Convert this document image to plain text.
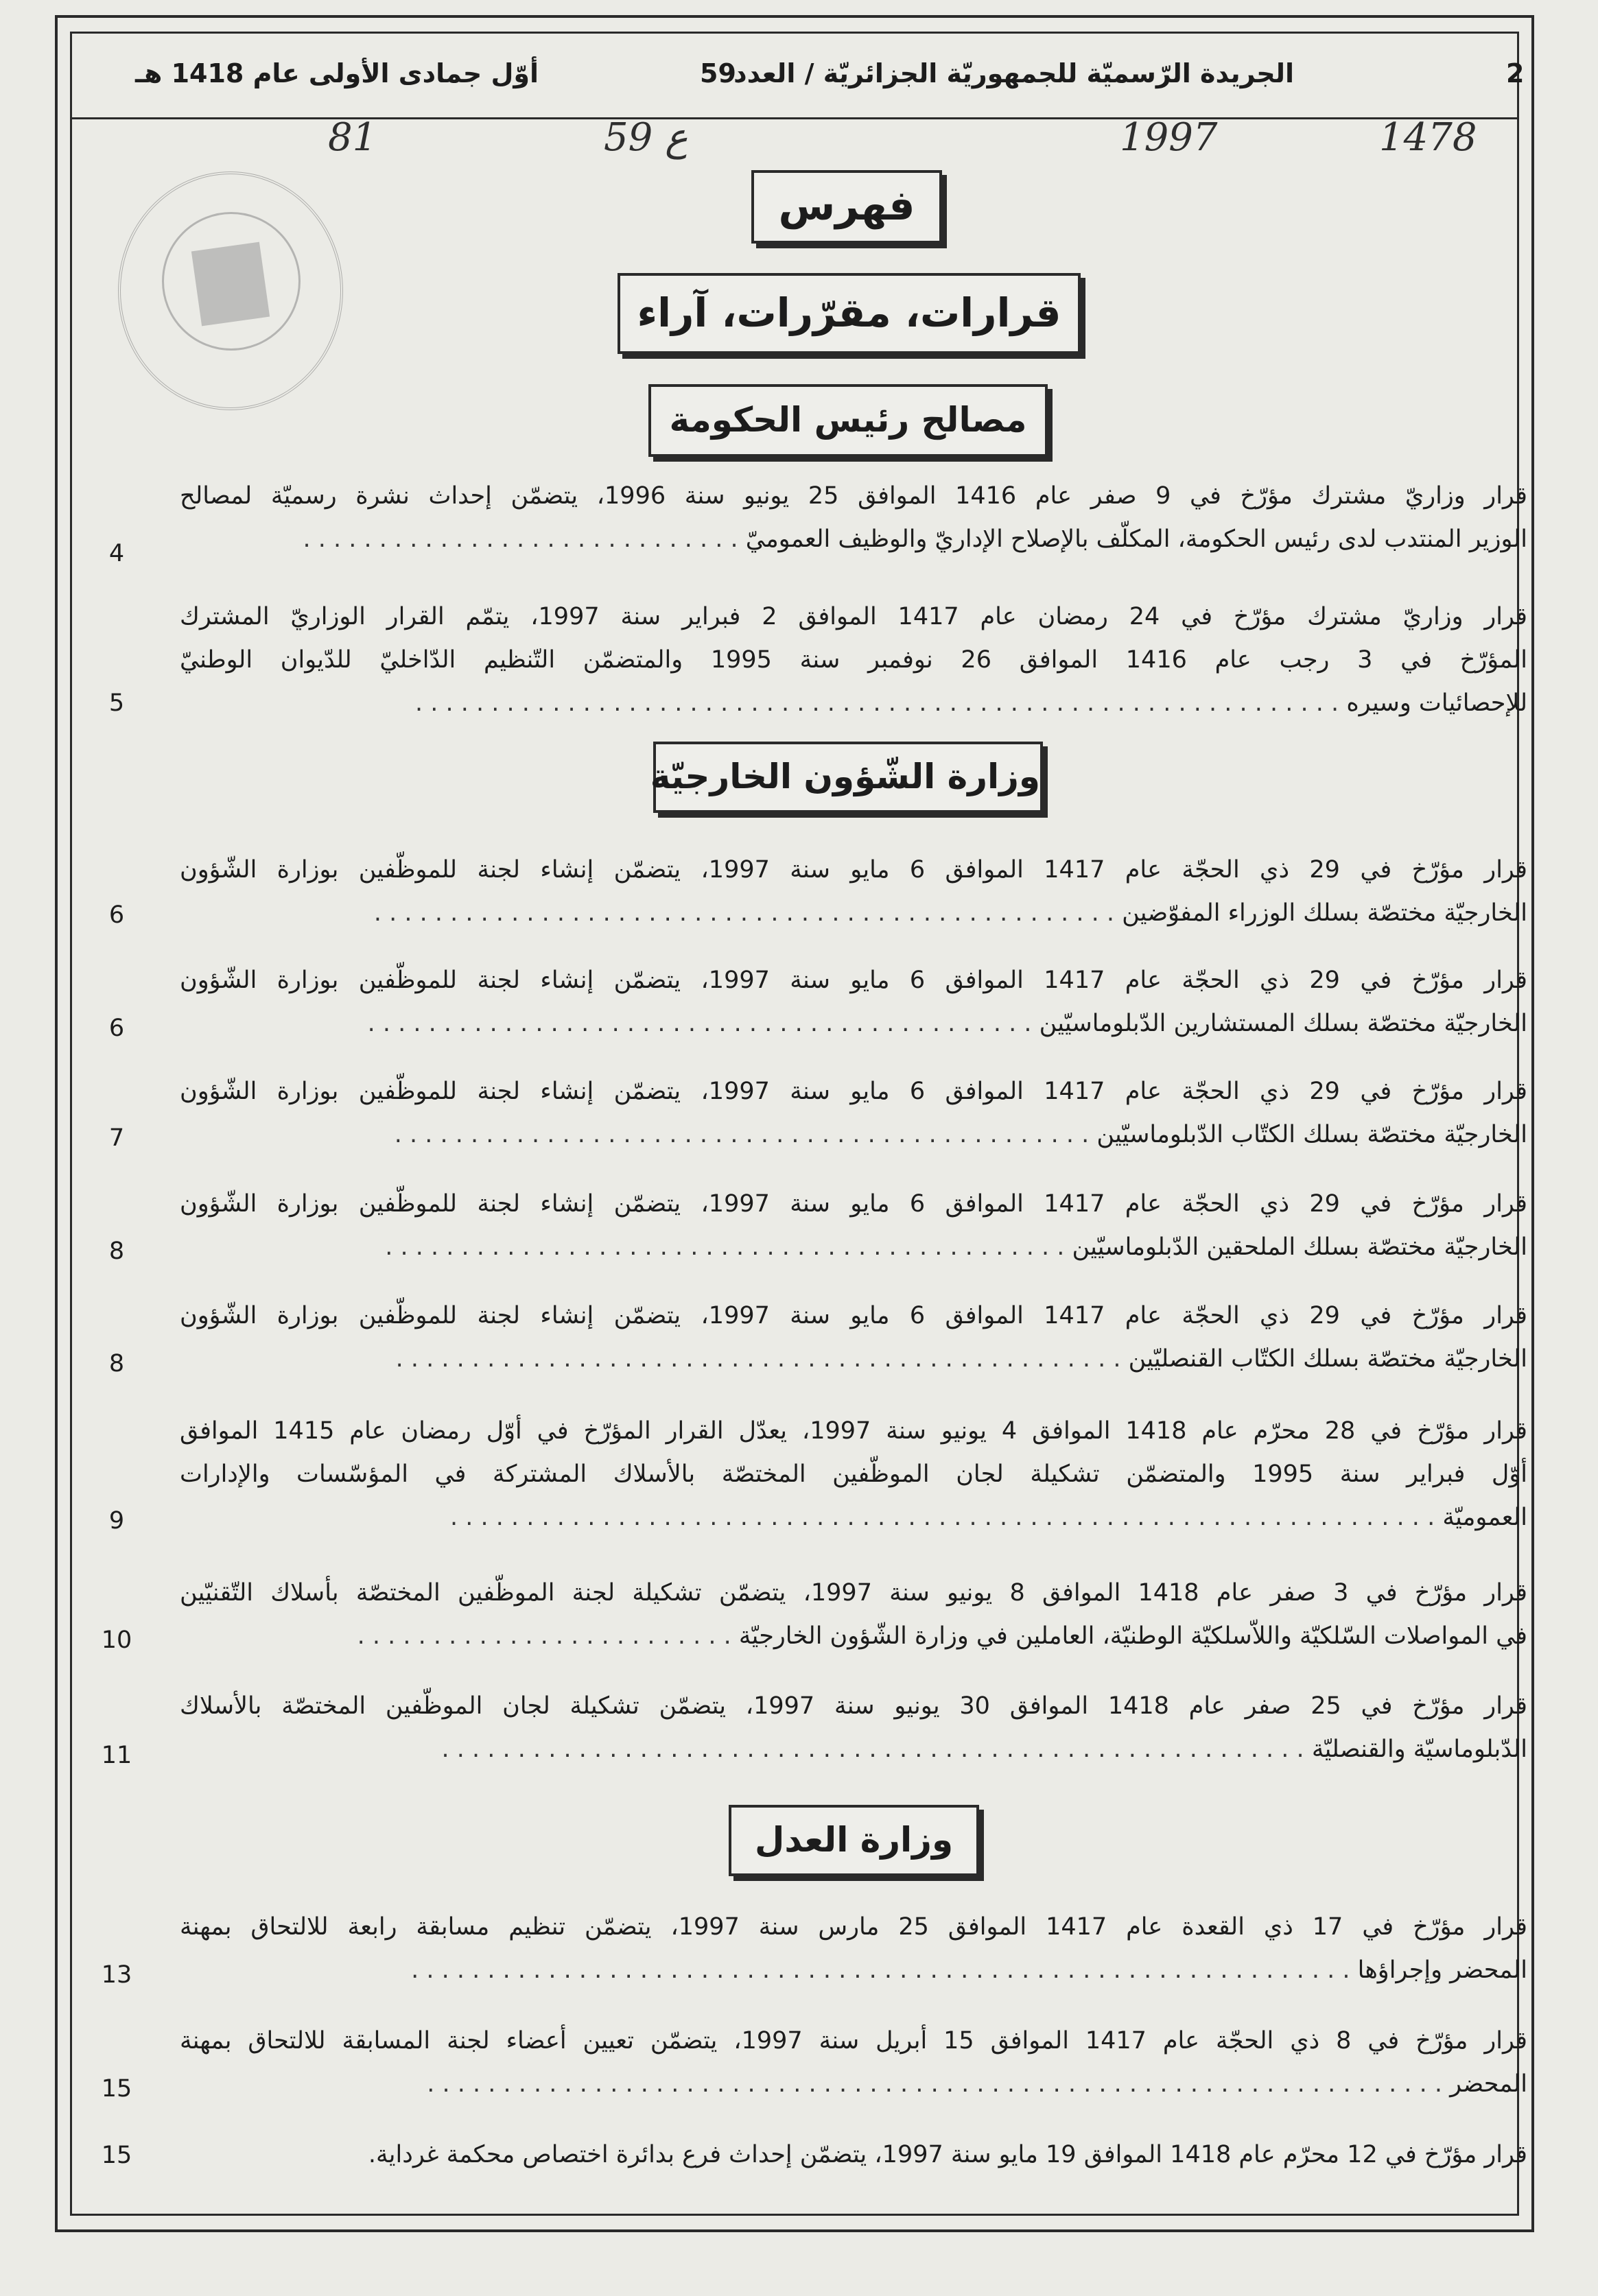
2
الجريدة الرّسميّة للجمهوريّة الجزائريّة / العدد
59
أوّل جمادى الأولى عام 1418 هـ
1478
1997
59 ع
81
فهرس
قرارات، مقرّرات، آراء
مصالح رئيس الحكومة

قرار وزاريّ مشترك مؤرّخ في 9 صفر عام 1416 الموافق 25 يونيو سنة 1996، يتضمّن إحداث نشرة رسميّة لمصالح

الوزير المنتدب لدى رئيس الحكومة، المكلّف بالإصلاح الإداريّ والوظيف العموميّ . . . . . . . . . . . . . . . . . . . . . . . . . . . . .

4

قرار وزاريّ مشترك مؤرّخ في 24 رمضان عام 1417 الموافق 2 فبراير سنة 1997، يتمّم القرار الوزاريّ المشترك

المؤرّخ في 3 رجب عام 1416 الموافق 26 نوفمبر سنة 1995 والمتضمّن التّنظيم الدّاخليّ للدّيوان الوطنيّ

للإحصائيات وسيره . . . . . . . . . . . . . . . . . . . . . . . . . . . . . . . . . . . . . . . . . . . . . . . . . . . . . . . . . . . . .

5
وزارة الشّؤون الخارجيّة

قرار مؤرّخ في 29 ذي الحجّة عام 1417 الموافق 6 مايو سنة 1997، يتضمّن إنشاء لجنة للموظّفين بوزارة الشّؤون

الخارجيّة مختصّة بسلك الوزراء المفوّضين . . . . . . . . . . . . . . . . . . . . . . . . . . . . . . . . . . . . . . . . . . . . . . . . .

6

قرار مؤرّخ في 29 ذي الحجّة عام 1417 الموافق 6 مايو سنة 1997، يتضمّن إنشاء لجنة للموظّفين بوزارة الشّؤون

الخارجيّة مختصّة بسلك المستشارين الدّبلوماسيّين . . . . . . . . . . . . . . . . . . . . . . . . . . . . . . . . . . . . . . . . . . . .

6

قرار مؤرّخ في 29 ذي الحجّة عام 1417 الموافق 6 مايو سنة 1997، يتضمّن إنشاء لجنة للموظّفين بوزارة الشّؤون

الخارجيّة مختصّة بسلك الكتّاب الدّبلوماسيّين . . . . . . . . . . . . . . . . . . . . . . . . . . . . . . . . . . . . . . . . . . . . . .

7

قرار مؤرّخ في 29 ذي الحجّة عام 1417 الموافق 6 مايو سنة 1997، يتضمّن إنشاء لجنة للموظّفين بوزارة الشّؤون

الخارجيّة مختصّة بسلك الملحقين الدّبلوماسيّين . . . . . . . . . . . . . . . . . . . . . . . . . . . . . . . . . . . . . . . . . . . . .

8

قرار مؤرّخ في 29 ذي الحجّة عام 1417 الموافق 6 مايو سنة 1997، يتضمّن إنشاء لجنة للموظّفين بوزارة الشّؤون

الخارجيّة مختصّة بسلك الكتّاب القنصليّين . . . . . . . . . . . . . . . . . . . . . . . . . . . . . . . . . . . . . . . . . . . . . . . .

8

قرار مؤرّخ في 28 محرّم عام 1418 الموافق 4 يونيو سنة 1997، يعدّل القرار المؤرّخ في أوّل رمضان عام 1415 الموافق

أوّل فبراير سنة 1995 والمتضمّن تشكيلة لجان الموظّفين المختصّة بالأسلاك المشتركة في المؤسّسات والإدارات

العموميّة . . . . . . . . . . . . . . . . . . . . . . . . . . . . . . . . . . . . . . . . . . . . . . . . . . . . . . . . . . . . . . . . .

9

قرار مؤرّخ في 3 صفر عام 1418 الموافق 8 يونيو سنة 1997، يتضمّن تشكيلة لجنة الموظّفين المختصّة بأسلاك التّقنيّين

في المواصلات السّلكيّة واللاّسلكيّة الوطنيّة، العاملين في وزارة الشّؤون الخارجيّة . . . . . . . . . . . . . . . . . . . . . . . . .

10

قرار مؤرّخ في 25 صفر عام 1418 الموافق 30 يونيو سنة 1997، يتضمّن تشكيلة لجان الموظّفين المختصّة بالأسلاك

الدّبلوماسيّة والقنصليّة . . . . . . . . . . . . . . . . . . . . . . . . . . . . . . . . . . . . . . . . . . . . . . . . . . . . . . . . .

11
وزارة العدل

قرار مؤرّخ في 17 ذي القعدة عام 1417 الموافق 25 مارس سنة 1997، يتضمّن تنظيم مسابقة رابعة للالتحاق بمهنة

المحضر وإجراؤها . . . . . . . . . . . . . . . . . . . . . . . . . . . . . . . . . . . . . . . . . . . . . . . . . . . . . . . . . . . . . .

13

قرار مؤرّخ في 8 ذي الحجّة عام 1417 الموافق 15 أبريل سنة 1997، يتضمّن تعيين أعضاء لجنة المسابقة للالتحاق بمهنة

المحضر . . . . . . . . . . . . . . . . . . . . . . . . . . . . . . . . . . . . . . . . . . . . . . . . . . . . . . . . . . . . . . . . . . .

15

قرار مؤرّخ في 12 محرّم عام 1418 الموافق 19 مايو سنة 1997، يتضمّن إحداث فرع بدائرة اختصاص محكمة غرداية.

15
